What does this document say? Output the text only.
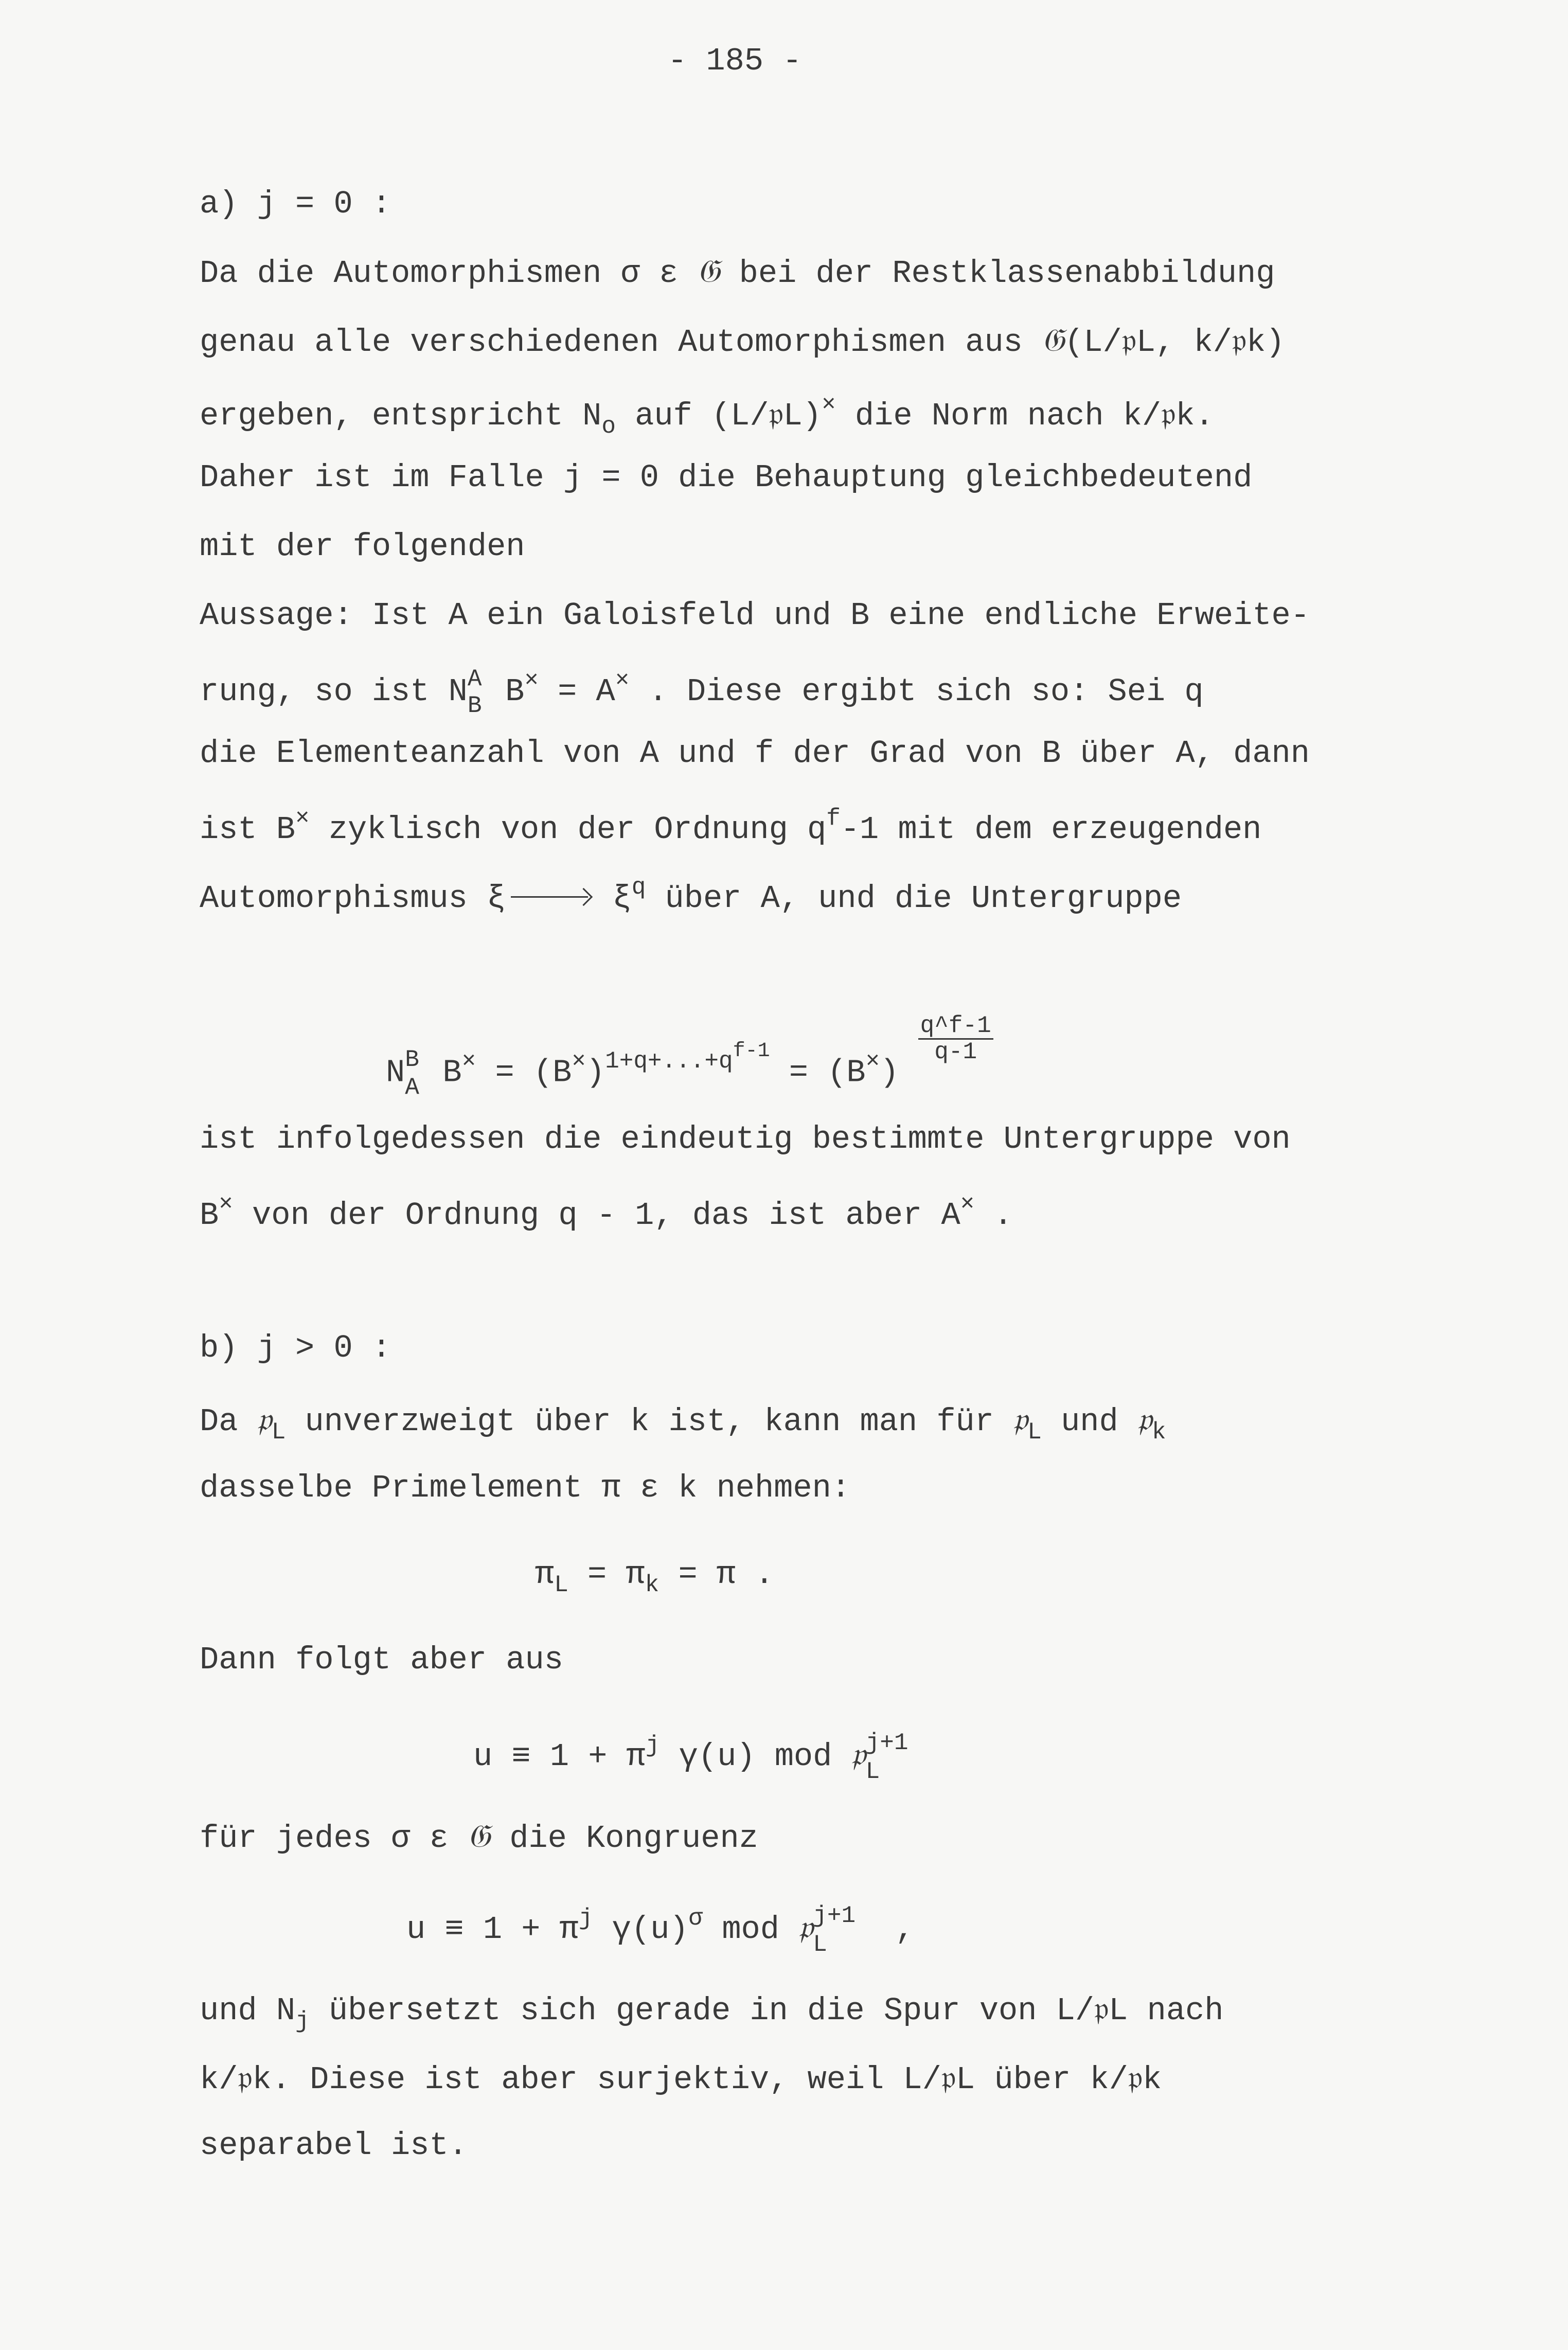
- 185 -
a) j = 0 :
Da die Automorphismen σ ε 𝔊 bei der Restklassenabbildung
genau alle verschiedenen Automorphismen aus 𝔊(L/𝔭L, k/𝔭k)
ergeben, entspricht $N_o$ auf (L/𝔭L)× die Norm nach k/𝔭k.
Daher ist im Falle j = 0 die Behauptung gleichbedeutend
mit der folgenden
Aussage: Ist A ein Galoisfeld und B eine endliche Erweite-
rung, so ist N A
B B× = A× . Diese ergibt sich so: Sei q
die Elementeanzahl von A und f der Grad von B über A, dann
ist B× zyklisch von der Ordnung $q^f-1$ mit dem erzeugenden
Automorphismus ξ	$\xi^q$ über A, und die Untergruppe
N B
A $B^\times = (B^\times)^{1+q+...+qf-1} = (B^\times)$
$\frac{q\^{}f-1}{q-1}$
ist infolgedessen die eindeutig bestimmte Untergruppe von
B× von der Ordnung q - 1, das ist aber A× .
b) j > 0 :
Da 𝔭$_L$ unverzweigt über k ist, kann man für 𝔭$_L$ und 𝔭$_k$
dasselbe Primelement π ε k nehmen:
$\pi_L = \pi_k = \pi$ .
Dann folgt aber aus
$u \equiv 1 + \pi^j$ γ(u) mod 𝔭 j+1
L
für jedes σ ε 𝔊 die Kongruenz
$u \equiv 1 + \pi^j$ $\gamma(u)^\sigma$ mod 𝔭 j+1
L ,
und $N_j$ übersetzt sich gerade in die Spur von L/𝔭L nach
k/𝔭k. Diese ist aber surjektiv, weil L/𝔭L über k/𝔭k
separabel ist.
